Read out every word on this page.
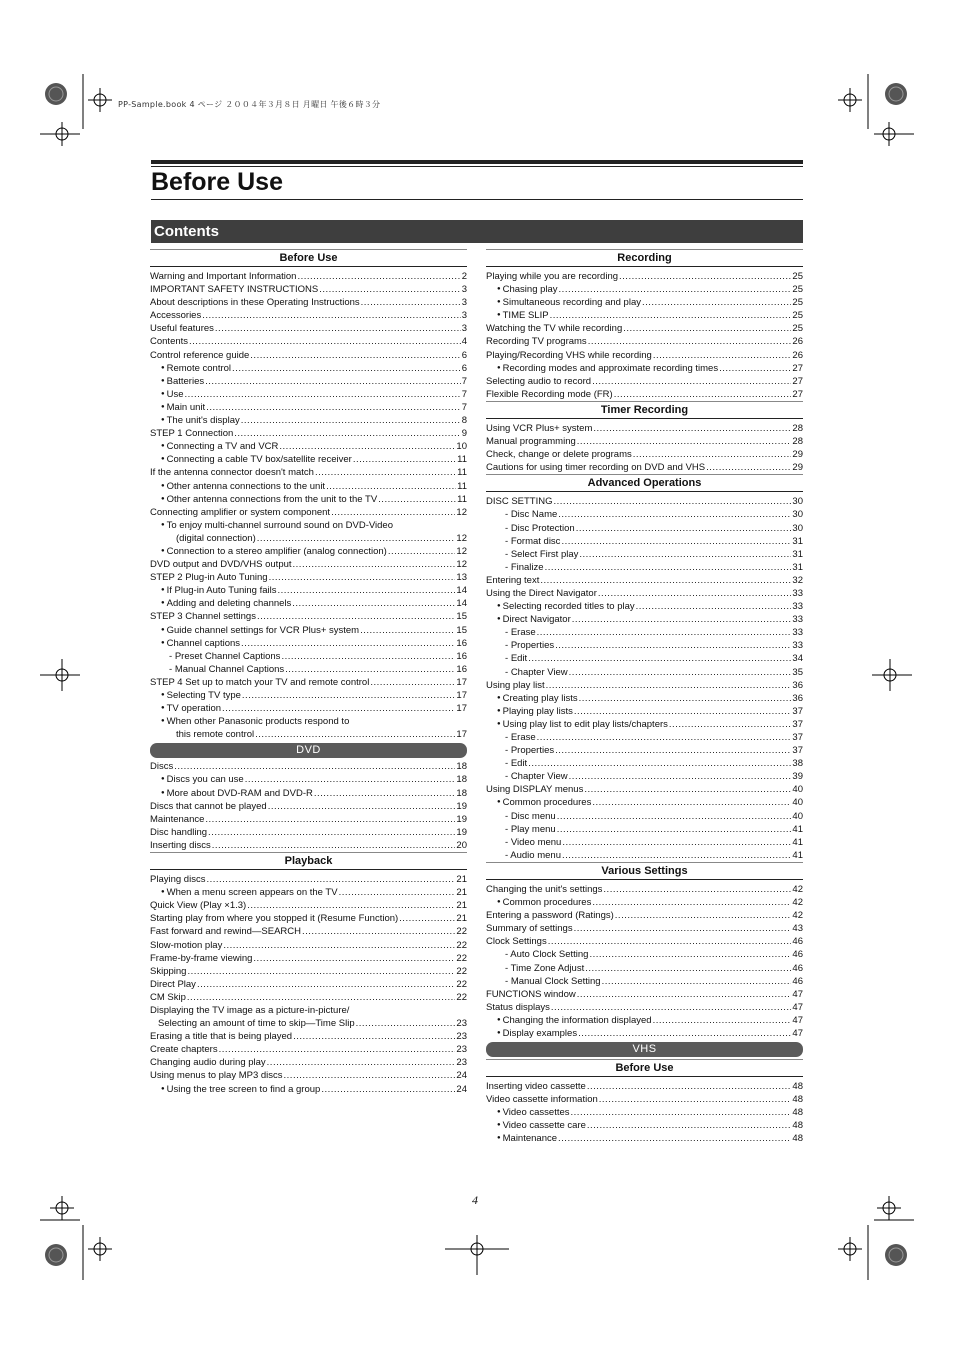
PP-Sample.book 4 ページ ２００４年３月８日 月曜日 午後６時３分
Before Use
Contents
Before Use
Warning and Important Information .....	2
IMPORTANT SAFETY INSTRUCTIONS .....	3
About descriptions in these Operating Instructions .....	3
Accessories .....	3
Useful features .....	3
Contents .....	4
Control reference guide .....	6
● Remote control .....	6
● Batteries .....	7
● Use .....	7
● Main unit .....	7
● The unit's display .....	8
STEP 1 Connection .....	9
● Connecting a TV and VCR .....	10
● Connecting a cable TV box/satellite receiver .....	11
If the antenna connector doesn't match .....	11
● Other antenna connections to the unit .....	11
● Other antenna connections from the unit to the TV .....	11
Connecting amplifier or system component .....	12
● To enjoy multi-channel surround sound on DVD-Video
(digital connection) .....	12
● Connection to a stereo amplifier (analog connection) .....	12
DVD output and DVD/VHS output .....	12
STEP 2 Plug-in Auto Tuning .....	13
● If Plug-in Auto Tuning fails .....	14
● Adding and deleting channels .....	14
STEP 3 Channel settings .....	15
● Guide channel settings for VCR Plus+ system .....	15
● Channel captions .....	16
- Preset Channel Captions .....	16
- Manual Channel Captions .....	16
STEP 4 Set up to match your TV and remote control .....	17
● Selecting TV type .....	17
● TV operation .....	17
● When other Panasonic products respond to
this remote control .....	17
DVD
Discs .....	18
● Discs you can use .....	18
● More about DVD-RAM and DVD-R .....	18
Discs that cannot be played .....	19
Maintenance .....	19
Disc handling .....	19
Inserting discs .....	20
Playback
Playing discs .....	21
● When a menu screen appears on the TV .....	21
Quick View (Play ×1.3) .....	21
Starting play from where you stopped it (Resume Function) .....	21
Fast forward and rewind—SEARCH .....	22
Slow-motion play .....	22
Frame-by-frame viewing .....	22
Skipping .....	22
Direct Play .....	22
CM Skip .....	22
Displaying the TV image as a picture-in-picture/
Selecting an amount of time to skip—Time Slip .....	23
Erasing a title that is being played .....	23
Create chapters .....	23
Changing audio during play .....	23
Using menus to play MP3 discs .....	24
● Using the tree screen to find a group .....	24
Recording
Playing while you are recording .....	25
● Chasing play .....	25
● Simultaneous recording and play .....	25
● TIME SLIP .....	25
Watching the TV while recording .....	25
Recording TV programs .....	26
Playing/Recording VHS while recording .....	26
● Recording modes and approximate recording times .....	27
Selecting audio to record .....	27
Flexible Recording mode (FR) .....	27
Timer Recording
Using VCR Plus+ system .....	28
Manual programming .....	28
Check, change or delete programs .....	29
Cautions for using timer recording on DVD and VHS .....	29
Advanced Operations
DISC SETTING .....	30
- Disc Name .....	30
- Disc Protection .....	30
- Format disc .....	31
- Select First play .....	31
- Finalize .....	31
Entering text .....	32
Using the Direct Navigator .....	33
● Selecting recorded titles to play .....	33
● Direct Navigator .....	33
- Erase .....	33
- Properties .....	33
- Edit .....	34
- Chapter View .....	35
Using play list .....	36
● Creating play lists .....	36
● Playing play lists .....	37
● Using play list to edit play lists/chapters .....	37
- Erase .....	37
- Properties .....	37
- Edit .....	38
- Chapter View .....	39
Using DISPLAY menus .....	40
● Common procedures .....	40
- Disc menu .....	40
- Play menu .....	41
- Video menu .....	41
- Audio menu .....	41
Various Settings
Changing the unit's settings .....	42
● Common procedures .....	42
Entering a password (Ratings) .....	42
Summary of settings .....	43
Clock Settings .....	46
- Auto Clock Setting .....	46
- Time Zone Adjust .....	46
- Manual Clock Setting .....	46
FUNCTIONS window .....	47
Status displays .....	47
● Changing the information displayed .....	47
● Display examples .....	47
VHS
Before Use
Inserting video cassette .....	48
Video cassette information .....	48
● Video cassettes .....	48
● Video cassette care .....	48
● Maintenance .....	48
4
